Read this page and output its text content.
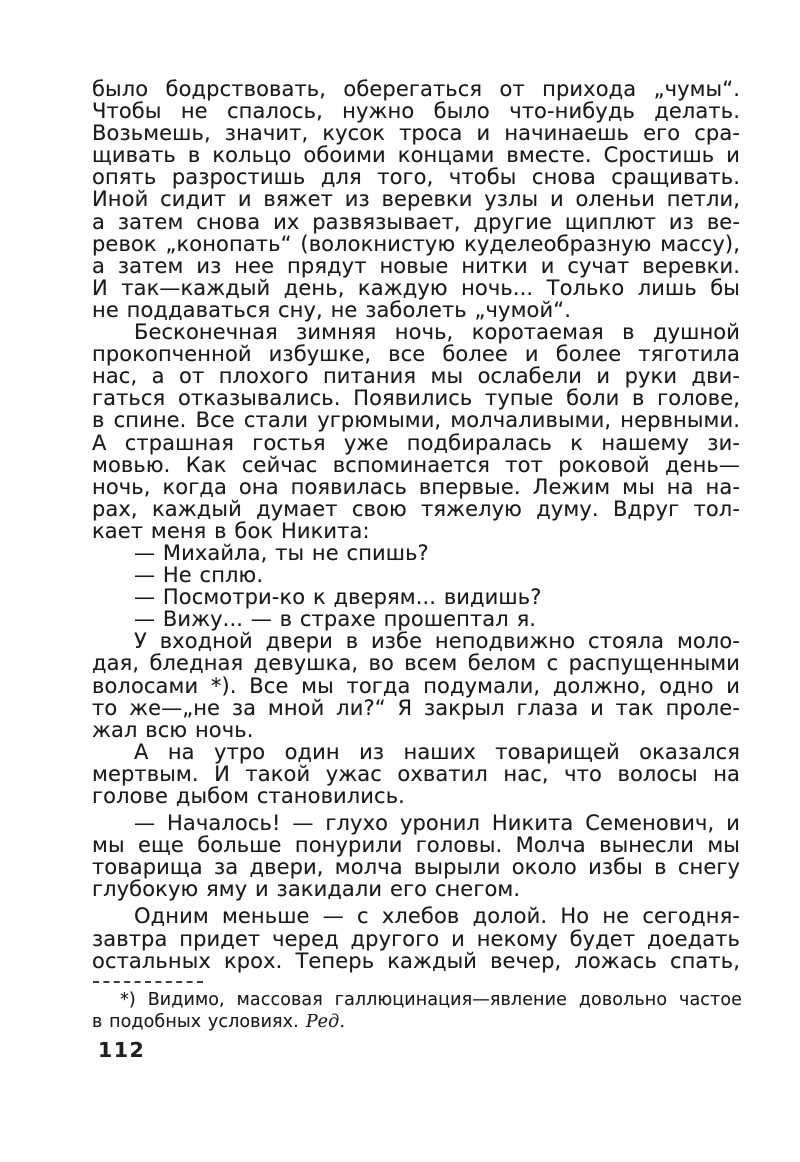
было бодрствовать, оберегаться от прихода „чумы“.
Чтобы не спалось, нужно было что-нибудь делать.
Возьмешь, значит, кусок троса и начинаешь его сра-
щивать в кольцо обоими концами вместе. Сростишь и
опять разростишь для того, чтобы снова сращивать.
Иной сидит и вяжет из веревки узлы и оленьи петли,
а затем снова их развязывает, другие щиплют из ве-
ревок „конопать“ (волокнистую куделеобразную массу),
а затем из нее прядут новые нитки и сучат веревки.
И так—каждый день, каждую ночь... Только лишь бы
не поддаваться сну, не заболеть „чумой“.
Бесконечная зимняя ночь, коротаемая в душной
прокопченной избушке, все более и более тяготила
нас, а от плохого питания мы ослабели и руки дви-
гаться отказывались. Появились тупые боли в голове,
в спине. Все стали угрюмыми, молчаливыми, нервными.
А страшная гостья уже подбиралась к нашему зи-
мовью. Как сейчас вспоминается тот роковой день—
ночь, когда она появилась впервые. Лежим мы на на-
рах, каждый думает свою тяжелую думу. Вдруг тол-
кает меня в бок Никита:
— Михайла, ты не спишь?
— Не сплю.
— Посмотри-ко к дверям... видишь?
— Вижу... — в страхе прошептал я.
У входной двери в избе неподвижно стояла моло-
дая, бледная девушка, во всем белом с распущенными
волосами *). Все мы тогда подумали, должно, одно и
то же—„не за мной ли?“ Я закрыл глаза и так проле-
жал всю ночь.
А на утро один из наших товарищей оказался
мертвым. И такой ужас охватил нас, что волосы на
голове дыбом становились.
— Началось! — глухо уронил Никита Семенович, и
мы еще больше понурили головы. Молча вынесли мы
товарища за двери, молча вырыли около избы в снегу
глубокую яму и закидали его снегом.
Одним меньше — с хлебов долой. Но не сегодня-
завтра придет черед другого и некому будет доедать
остальных крох. Теперь каждый вечер, ложась спать,
*) Видимо, массовая галлюцинация—явление довольно частое
в подобных условиях. Ред.
112
